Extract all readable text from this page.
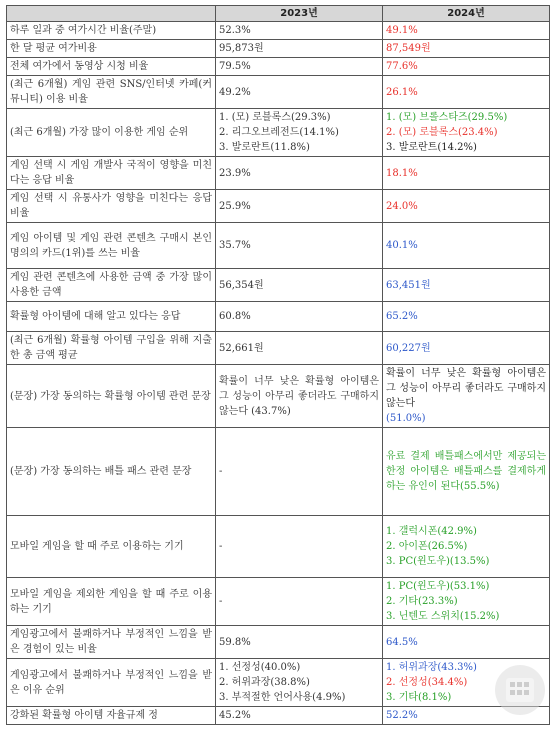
	2023년	2024년
하루 일과 중 여가시간 비율(주말)	52.3%	49.1%

한 달 평균 여가비용	95,873원	87,549원

전체 여가에서 동영상 시청 비율	79.5%	77.6%

(최근 6개월) 게임 관련 SNS/인터넷 카페(커뮤니티) 이용 비율	49.2%	26.1%

(최근 6개월) 가장 많이 이용한 게임 순위	1. (모) 로블록스(29.3%)
2. 리그오브레전드(14.1%)
3. 발로란트(11.8%)	1. (모) 브롤스타즈(29.5%)
2. (모) 로블록스(23.4%)
3. 발로란트(14.2%)

게임 선택 시 게임 개발사 국적이 영향을 미친다는 응답 비율	23.9%	18.1%

게임 선택 시 유통사가 영향을 미친다는 응답 비율	25.9%	24.0%

게임 아이템 및 게임 관련 콘텐츠 구매시 본인 명의의 카드(1위)를 쓰는 비율	35.7%	40.1%

게임 관련 콘텐츠에 사용한 금액 중 가장 많이 사용한 금액	56,354원	63,451원

확률형 아이템에 대해 알고 있다는 응답	60.8%	65.2%

(최근 6개월) 확률형 아이템 구입을 위해 지출한 총 금액 평균	52,661원	60,227원

(문장) 가장 동의하는 확률형 아이템 관련 문장	확률이 너무 낮은 확률형 아이템은 그 성능이 아무리 좋더라도 구매하지 않는다 (43.7%)	확률이 너무 낮은 확률형 아이템은 그 성능이 아무리 좋더라도 구매하지 않는다
(51.0%)

(문장) 가장 동의하는 배틀 패스 관련 문장	-	유료 결제 배틀패스에서만 제공되는 한정 아이템은 배틀패스를 결제하게 하는 유인이 된다(55.5%)

모바일 게임을 할 때 주로 이용하는 기기	-	1. 갤럭시폰(42.9%)
2. 아이폰(26.5%)
3. PC(윈도우)(13.5%)

모바일 게임을 제외한 게임을 할 때 주로 이용하는 기기	-	1. PC(윈도우)(53.1%)
2. 기타(23.3%)
3. 닌텐도 스위치(15.2%)

게임광고에서 불쾌하거나 부정적인 느낌을 받은 경험이 있는 비율	59.8%	64.5%

게임광고에서 불쾌하거나 부정적인 느낌을 받은 이유 순위	1. 선정성(40.0%)
2. 허위과장(38.8%)
3. 부적절한 언어사용(4.9%)	1. 허위과장(43.3%)
2. 선정성(34.4%)
3. 기타(8.1%)

강화된 확률형 아이템 자율규제 정	45.2%	52.2%
